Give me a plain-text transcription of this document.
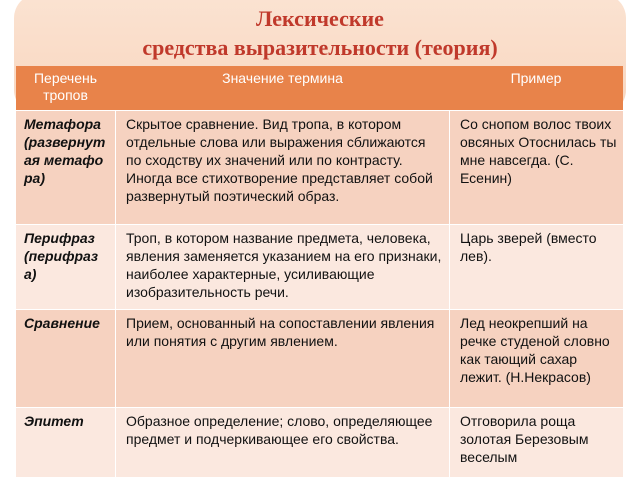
Лексические
средства выразительности (теория)
Перечень тропов	Значение термина	Пример
Метафора (развернутая метафора)	Скрытое сравнение. Вид тропа, в котором отдельные слова или выражения сближаются по сходству их значений или по контрасту. Иногда все стихотворение представляет собой развернутый поэтический образ.	Со снопом волос твоих овсяных Отоснилась ты мне навсегда. (С. Есенин)
Перифраз (перифраза)	Троп, в котором название предмета, человека, явления заменяется указанием на его признаки, наиболее характерные, усиливающие изобразительность речи.	Царь зверей (вместо лев).
Сравнение	Прием, основанный на сопоставлении явления или понятия с другим явлением.	Лед неокрепший на речке студеной словно как тающий сахар лежит. (Н.Некрасов)
Эпитет	Образное определение; слово, определяющее предмет и подчеркивающее его свойства.	Отговорила роща золотая Березовым веселым
